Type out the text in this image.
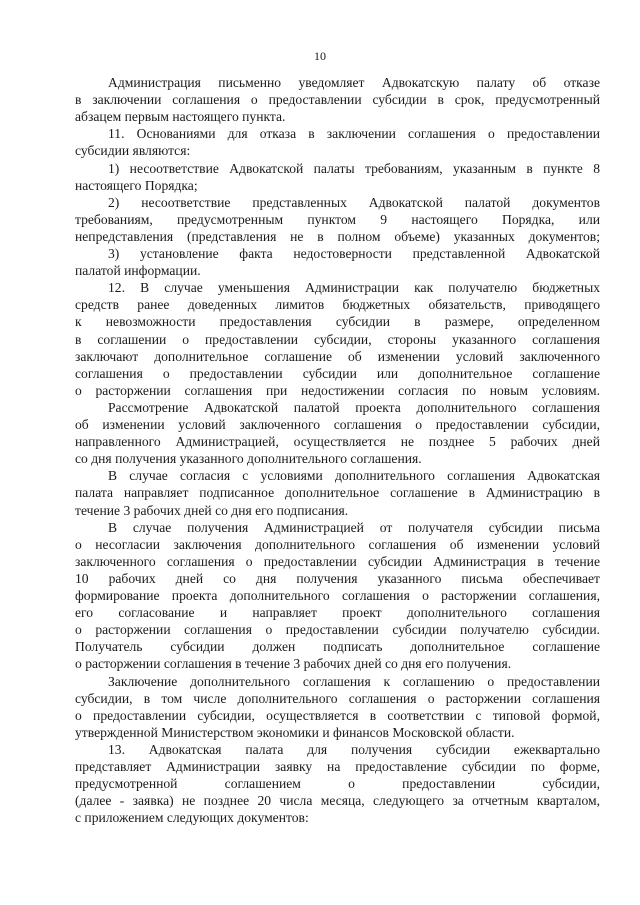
10
Администрация письменно уведомляет Адвокатскую палату об отказе
в заключении соглашения о предоставлении субсидии в срок, предусмотренный
абзацем первым настоящего пункта.
11. Основаниями для отказа в заключении соглашения о предоставлении
субсидии являются:
1) несоответствие Адвокатской палаты требованиям, указанным в пункте 8
настоящего Порядка;
2) несоответствие представленных Адвокатской палатой документов
требованиям, предусмотренным пунктом 9 настоящего Порядка, или
непредставления (представления не в полном объеме) указанных документов;
3) установление факта недостоверности представленной Адвокатской
палатой информации.
12. В случае уменьшения Администрации как получателю бюджетных
средств ранее доведенных лимитов бюджетных обязательств, приводящего
к невозможности предоставления субсидии в размере, определенном
в соглашении о предоставлении субсидии, стороны указанного соглашения
заключают дополнительное соглашение об изменении условий заключенного
соглашения о предоставлении субсидии или дополнительное соглашение
о расторжении соглашения при недостижении согласия по новым условиям.
Рассмотрение Адвокатской палатой проекта дополнительного соглашения
об изменении условий заключенного соглашения о предоставлении субсидии,
направленного Администрацией, осуществляется не позднее 5 рабочих дней
со дня получения указанного дополнительного соглашения.
В случае согласия с условиями дополнительного соглашения Адвокатская
палата направляет подписанное дополнительное соглашение в Администрацию в
течение 3 рабочих дней со дня его подписания.
В случае получения Администрацией от получателя субсидии письма
о несогласии заключения дополнительного соглашения об изменении условий
заключенного соглашения о предоставлении субсидии Администрация в течение
10 рабочих дней со дня получения указанного письма обеспечивает
формирование проекта дополнительного соглашения о расторжении соглашения,
его согласование и направляет проект дополнительного соглашения
о расторжении соглашения о предоставлении субсидии получателю субсидии.
Получатель субсидии должен подписать дополнительное соглашение
о расторжении соглашения в течение 3 рабочих дней со дня его получения.
Заключение дополнительного соглашения к соглашению о предоставлении
субсидии, в том числе дополнительного соглашения о расторжении соглашения
о предоставлении субсидии, осуществляется в соответствии с типовой формой,
утвержденной Министерством экономики и финансов Московской области.
13. Адвокатская палата для получения субсидии ежеквартально
представляет Администрации заявку на предоставление субсидии по форме,
предусмотренной соглашением о предоставлении субсидии,
(далее - заявка) не позднее 20 числа месяца, следующего за отчетным кварталом,
с приложением следующих документов:
